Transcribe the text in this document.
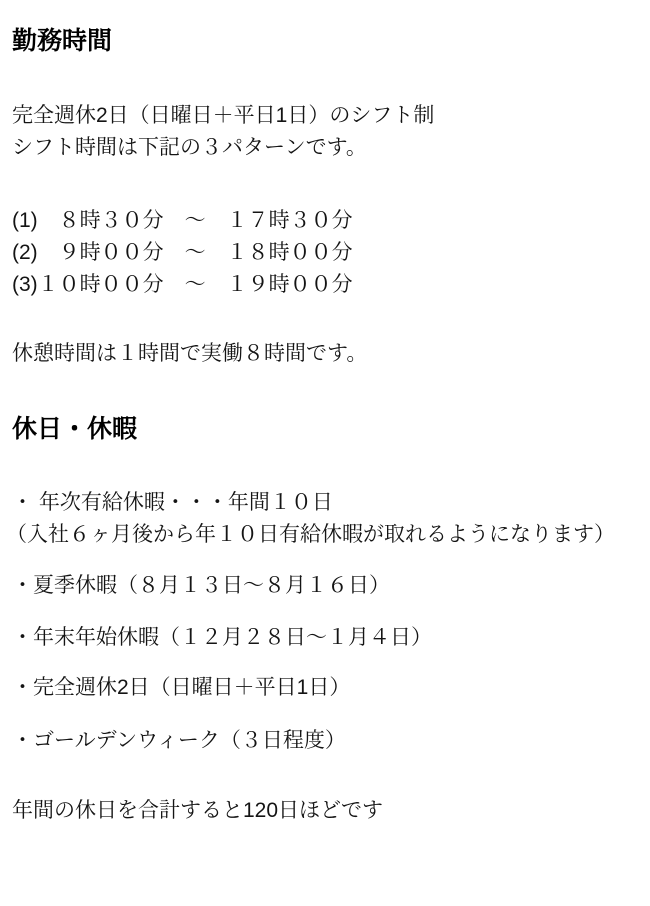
勤務時間

完全週休2日（日曜日＋平日1日）のシフト制
シフト時間は下記の３パターンです。

(1)　８時３０分　～　１７時３０分
(2)　９時００分　～　１８時００分
(3)１０時００分　～　１９時００分

休憩時間は１時間で実働８時間です。

休日・休暇

・ 年次有給休暇・・・年間１０日
（入社６ヶ月後から年１０日有給休暇が取れるようになります）

・夏季休暇（８月１３日～８月１６日）

・年末年始休暇（１２月２８日～１月４日）

・完全週休2日（日曜日＋平日1日）

・ゴールデンウィーク（３日程度）

年間の休日を合計すると120日ほどです
